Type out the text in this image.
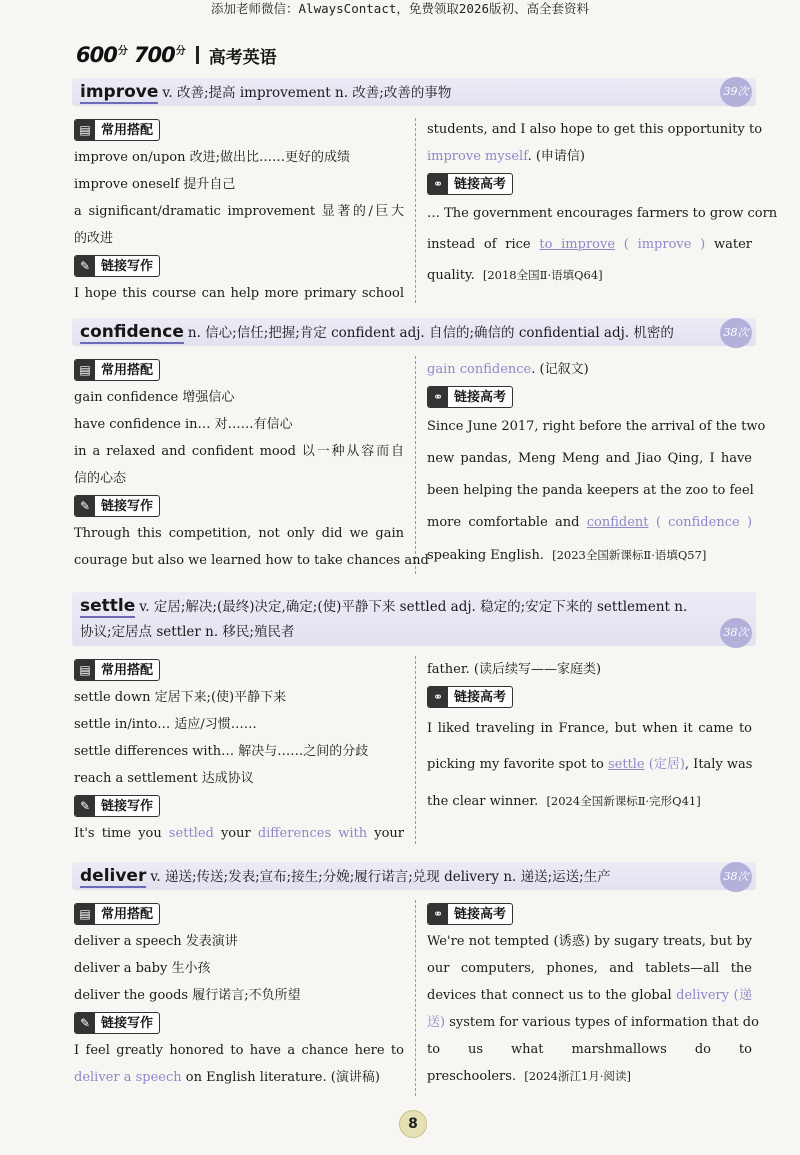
添加老师微信：AlwaysContact，免费领取2026版初、高全套资料
600 分 700 分 高考英语
improve v. 改善;提高 improvement n. 改善;改善的事物	39次
▤ 常用搭配
improve on/upon 改进;做出比……更好的成绩
improve oneself 提升自己
a significant/dramatic improvement 显著的/巨大
的改进
✎ 链接写作
I hope this course can help more primary school
students, and I also hope to get this opportunity to
improve myself. (申请信)
⚭ 链接高考
… The government encourages farmers to grow corn
instead of rice to improve ( improve ) water
quality. [2018全国Ⅱ·语填Q64]
confidence n. 信心;信任;把握;肯定 confident adj. 自信的;确信的 confidential adj. 机密的	38次
▤ 常用搭配
gain confidence 增强信心
have confidence in… 对……有信心
in a relaxed and confident mood 以一种从容而自
信的心态
✎ 链接写作
Through this competition, not only did we gain
courage but also we learned how to take chances and
gain confidence. (记叙文)
⚭ 链接高考
Since June 2017, right before the arrival of the two
new pandas, Meng Meng and Jiao Qing, I have
been helping the panda keepers at the zoo to feel
more comfortable and confident ( confidence )
speaking English. [2023全国新课标Ⅱ·语填Q57]
settle v. 定居;解决;(最终)决定,确定;(使)平静下来 settled adj. 稳定的;安定下来的 settlement n.
协议;定居点 settler n. 移民;殖民者	38次
▤ 常用搭配
settle down 定居下来;(使)平静下来
settle in/into… 适应/习惯……
settle differences with… 解决与……之间的分歧
reach a settlement 达成协议
✎ 链接写作
It's time you settled your differences with your
father. (读后续写——家庭类)
⚭ 链接高考
I liked traveling in France, but when it came to
picking my favorite spot to settle (定居), Italy was
the clear winner. [2024全国新课标Ⅱ·完形Q41]
deliver v. 递送;传送;发表;宣布;接生;分娩;履行诺言;兑现 delivery n. 递送;运送;生产	38次
▤ 常用搭配
deliver a speech 发表演讲
deliver a baby 生小孩
deliver the goods 履行诺言;不负所望
✎ 链接写作
I feel greatly honored to have a chance here to
deliver a speech on English literature. (演讲稿)
⚭ 链接高考
We're not tempted (诱惑) by sugary treats, but by
our computers, phones, and tablets—all the
devices that connect us to the global delivery (递
送) system for various types of information that do
to us what marshmallows do to
preschoolers. [2024浙江1月·阅读]
8
